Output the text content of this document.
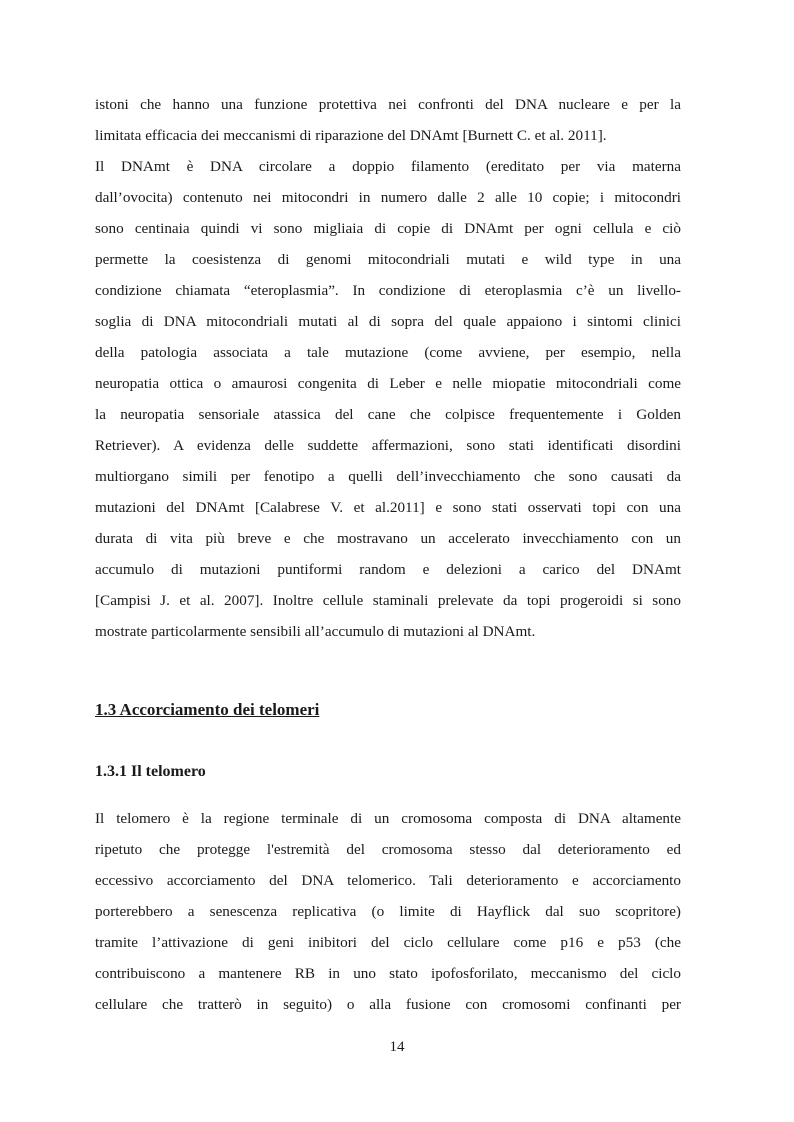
istoni che hanno una funzione protettiva nei confronti del DNA nucleare e per la
limitata efficacia dei meccanismi di riparazione del DNAmt [Burnett C. et al. 2011].
Il DNAmt è DNA circolare a doppio filamento (ereditato per via materna
dall’ovocita) contenuto nei mitocondri in numero dalle 2 alle 10 copie; i mitocondri
sono centinaia quindi vi sono migliaia di copie di DNAmt per ogni cellula e ciò
permette la coesistenza di genomi mitocondriali mutati e wild type in una
condizione chiamata “eteroplasmia”. In condizione di eteroplasmia c’è un livello-
soglia di DNA mitocondriali mutati al di sopra del quale appaiono i sintomi clinici
della patologia associata a tale mutazione (come avviene, per esempio, nella
neuropatia ottica o amaurosi congenita di Leber e nelle miopatie mitocondriali come
la neuropatia sensoriale atassica del cane che colpisce frequentemente i Golden
Retriever). A evidenza delle suddette affermazioni, sono stati identificati disordini
multiorgano simili per fenotipo a quelli dell’invecchiamento che sono causati da
mutazioni del DNAmt [Calabrese V. et al.2011] e sono stati osservati topi con una
durata di vita più breve e che mostravano un accelerato invecchiamento con un
accumulo di mutazioni puntiformi random e delezioni a carico del DNAmt
[Campisi J. et al. 2007]. Inoltre cellule staminali prelevate da topi progeroidi si sono
mostrate particolarmente sensibili all’accumulo di mutazioni al DNAmt.

1.3 Accorciamento dei telomeri
1.3.1 Il telomero

Il telomero è la regione terminale di un cromosoma composta di DNA altamente
ripetuto che protegge l'estremità del cromosoma stesso dal deterioramento ed
eccessivo accorciamento del DNA telomerico. Tali deterioramento e accorciamento
porterebbero a senescenza replicativa (o limite di Hayflick dal suo scopritore)
tramite l’attivazione di geni inibitori del ciclo cellulare come p16 e p53 (che
contribuiscono a mantenere RB in uno stato ipofosforilato, meccanismo del ciclo
cellulare che tratterò in seguito) o alla fusione con cromosomi confinanti per

14
